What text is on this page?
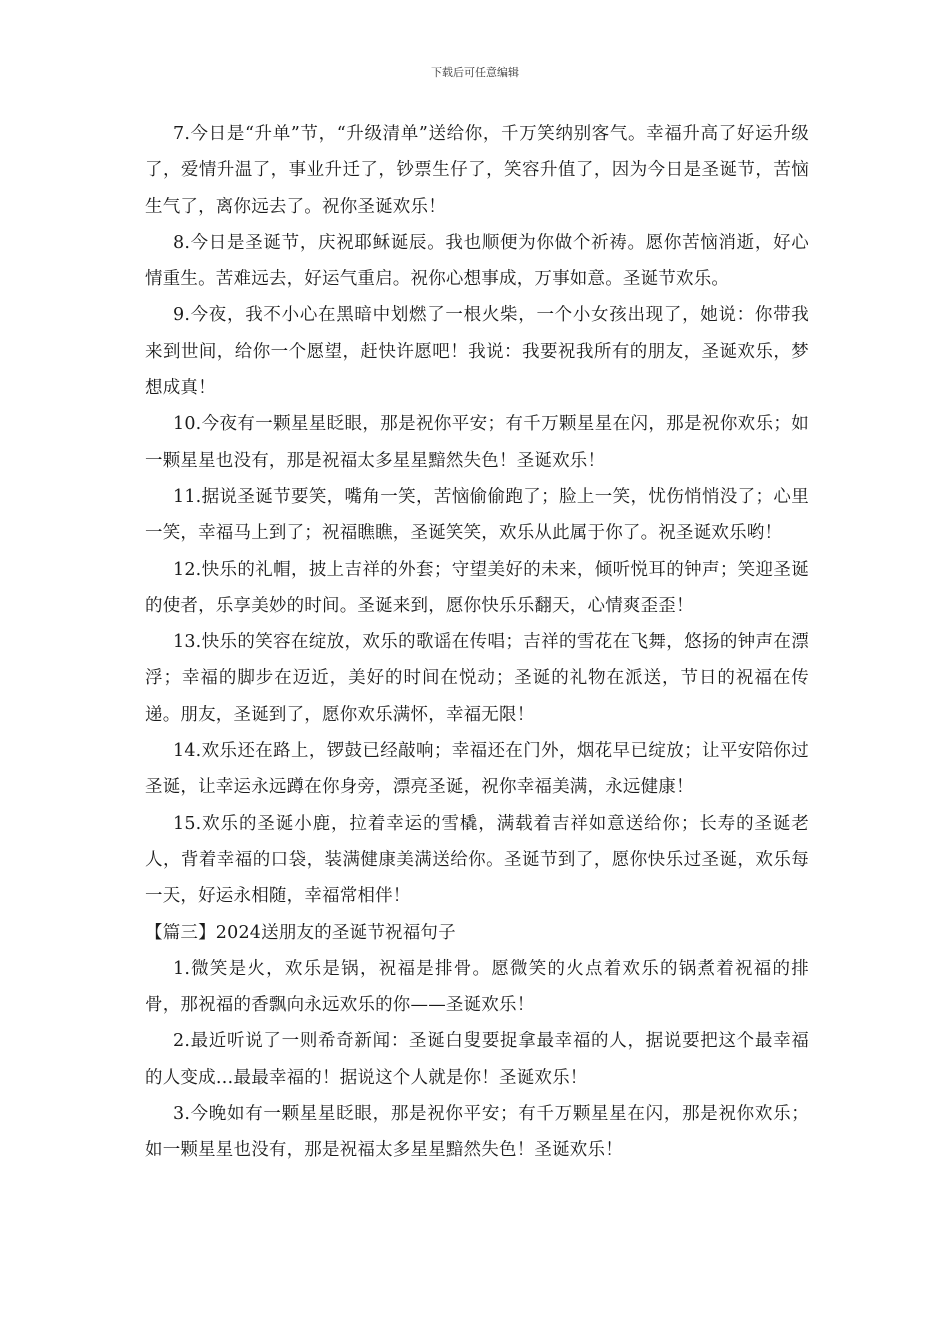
下载后可任意编辑

7.今日是“升单”节，“升级清单”送给你，千万笑纳别客气。幸福升高了好运升级了，爱情升温了，事业升迁了，钞票生仔了，笑容升值了，因为今日是圣诞节，苦恼生气了，离你远去了。祝你圣诞欢乐！

8.今日是圣诞节，庆祝耶稣诞辰。我也顺便为你做个祈祷。愿你苦恼消逝，好心情重生。苦难远去，好运气重启。祝你心想事成，万事如意。圣诞节欢乐。

9.今夜，我不小心在黑暗中划燃了一根火柴，一个小女孩出现了，她说：你带我来到世间，给你一个愿望，赶快许愿吧！我说：我要祝我所有的朋友，圣诞欢乐，梦想成真！

10.今夜有一颗星星眨眼，那是祝你平安；有千万颗星星在闪，那是祝你欢乐；如一颗星星也没有，那是祝福太多星星黯然失色！圣诞欢乐！

11.据说圣诞节要笑，嘴角一笑，苦恼偷偷跑了；脸上一笑，忧伤悄悄没了；心里一笑，幸福马上到了；祝福瞧瞧，圣诞笑笑，欢乐从此属于你了。祝圣诞欢乐哟！

12.快乐的礼帽，披上吉祥的外套；守望美好的未来，倾听悦耳的钟声；笑迎圣诞的使者，乐享美妙的时间。圣诞来到，愿你快乐乐翻天，心情爽歪歪！

13.快乐的笑容在绽放，欢乐的歌谣在传唱；吉祥的雪花在飞舞，悠扬的钟声在漂浮；幸福的脚步在迈近，美好的时间在悦动；圣诞的礼物在派送，节日的祝福在传递。朋友，圣诞到了，愿你欢乐满怀，幸福无限！

14.欢乐还在路上，锣鼓已经敲响；幸福还在门外，烟花早已绽放；让平安陪你过圣诞，让幸运永远蹲在你身旁，漂亮圣诞，祝你幸福美满，永远健康！

15.欢乐的圣诞小鹿，拉着幸运的雪橇，满载着吉祥如意送给你；长寿的圣诞老人，背着幸福的口袋，装满健康美满送给你。圣诞节到了，愿你快乐过圣诞，欢乐每一天，好运永相随，幸福常相伴！

【篇三】2024送朋友的圣诞节祝福句子

1.微笑是火，欢乐是锅，祝福是排骨。愿微笑的火点着欢乐的锅煮着祝福的排骨，那祝福的香飘向永远欢乐的你——圣诞欢乐！

2.最近听说了一则希奇新闻：圣诞白叟要捉拿最幸福的人，据说要把这个最幸福的人变成…最最幸福的！据说这个人就是你！圣诞欢乐！

3.今晚如有一颗星星眨眼，那是祝你平安；有千万颗星星在闪，那是祝你欢乐；如一颗星星也没有，那是祝福太多星星黯然失色！圣诞欢乐！
